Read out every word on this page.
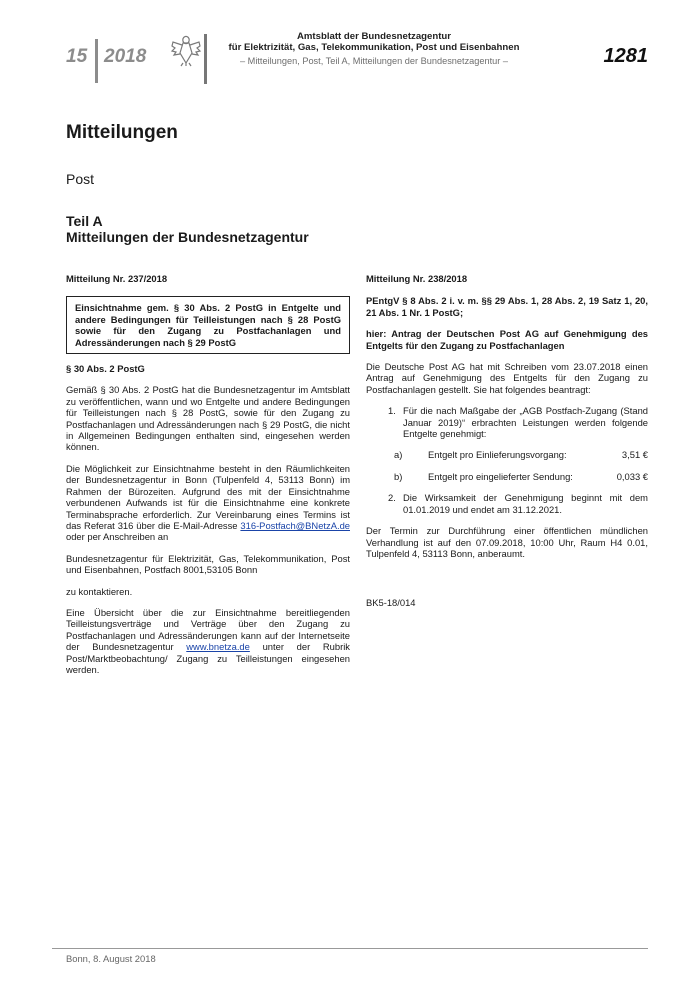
15 2018
Amtsblatt der Bundesnetzagentur
für Elektrizität, Gas, Telekommunikation, Post und Eisenbahnen
– Mitteilungen, Post, Teil A, Mitteilungen der Bundesnetzagentur –	1281
Mitteilungen
Post
Teil A
Mitteilungen der Bundesnetzagentur

Mitteilung Nr. 237/2018

Einsichtnahme gem. § 30 Abs. 2 PostG in Entgelte und andere Bedingungen für Teilleistungen nach § 28 PostG sowie für den Zugang zu Postfachanlagen und Adressänderungen nach § 29 PostG

§ 30 Abs. 2 PostG

Gemäß § 30 Abs. 2 PostG hat die Bundesnetzagentur im Amtsblatt zu veröffentlichen, wann und wo Entgelte und andere Bedingungen für Teilleistungen nach § 28 PostG, sowie für den Zugang zu Postfachanlagen und Adressänderungen nach § 29 PostG, die nicht in Allgemeinen Bedingungen enthalten sind, eingesehen werden können.

Die Möglichkeit zur Einsichtnahme besteht in den Räumlichkeiten der Bundesnetzagentur in Bonn (Tulpenfeld 4, 53113 Bonn) im Rahmen der Bürozeiten. Aufgrund des mit der Einsichtnahme verbundenen Aufwands ist für die Einsichtnahme eine konkrete Terminabsprache erforderlich. Zur Vereinbarung eines Termins ist das Referat 316 über die E-Mail-Adresse 316-Postfach@BNetzA.de oder per Anschreiben an

Bundesnetzagentur für Elektrizität, Gas, Telekommunikation, Post und Eisenbahnen, Postfach 8001,53105 Bonn

zu kontaktieren.

Eine Übersicht über die zur Einsichtnahme bereitliegenden Teilleistungsverträge und Verträge über den Zugang zu Postfachanlagen und Adressänderungen kann auf der Internetseite der Bundesnetzagentur www.bnetza.de unter der Rubrik Post/Marktbeobachtung/ Zugang zu Teilleistungen eingesehen werden.

Mitteilung Nr. 238/2018

PEntgV § 8 Abs. 2 i. v. m. §§ 29 Abs. 1, 28 Abs. 2, 19 Satz 1, 20, 21 Abs. 1 Nr. 1 PostG;

hier: Antrag der Deutschen Post AG auf Genehmigung des Entgelts für den Zugang zu Postfachanlagen

Die Deutsche Post AG hat mit Schreiben vom 23.07.2018 einen Antrag auf Genehmigung des Entgelts für den Zugang zu Postfachanlagen gestellt. Sie hat folgendes beantragt:

1. Für die nach Maßgabe der „AGB Postfach-Zugang (Stand Januar 2019)“ erbrachten Leistungen werden folgende Entgelte genehmigt:
a)	Entgelt pro Einlieferungsvorgang:	3,51 €
b)	Entgelt pro eingelieferter Sendung:	0,033 €
2. Die Wirksamkeit der Genehmigung beginnt mit dem 01.01.2019 und endet am 31.12.2021.

Der Termin zur Durchführung einer öffentlichen mündlichen Verhandlung ist auf den 07.09.2018, 10:00 Uhr, Raum H4 0.01, Tulpenfeld 4, 53113 Bonn, anberaumt.

BK5-18/014

Bonn, 8. August 2018
